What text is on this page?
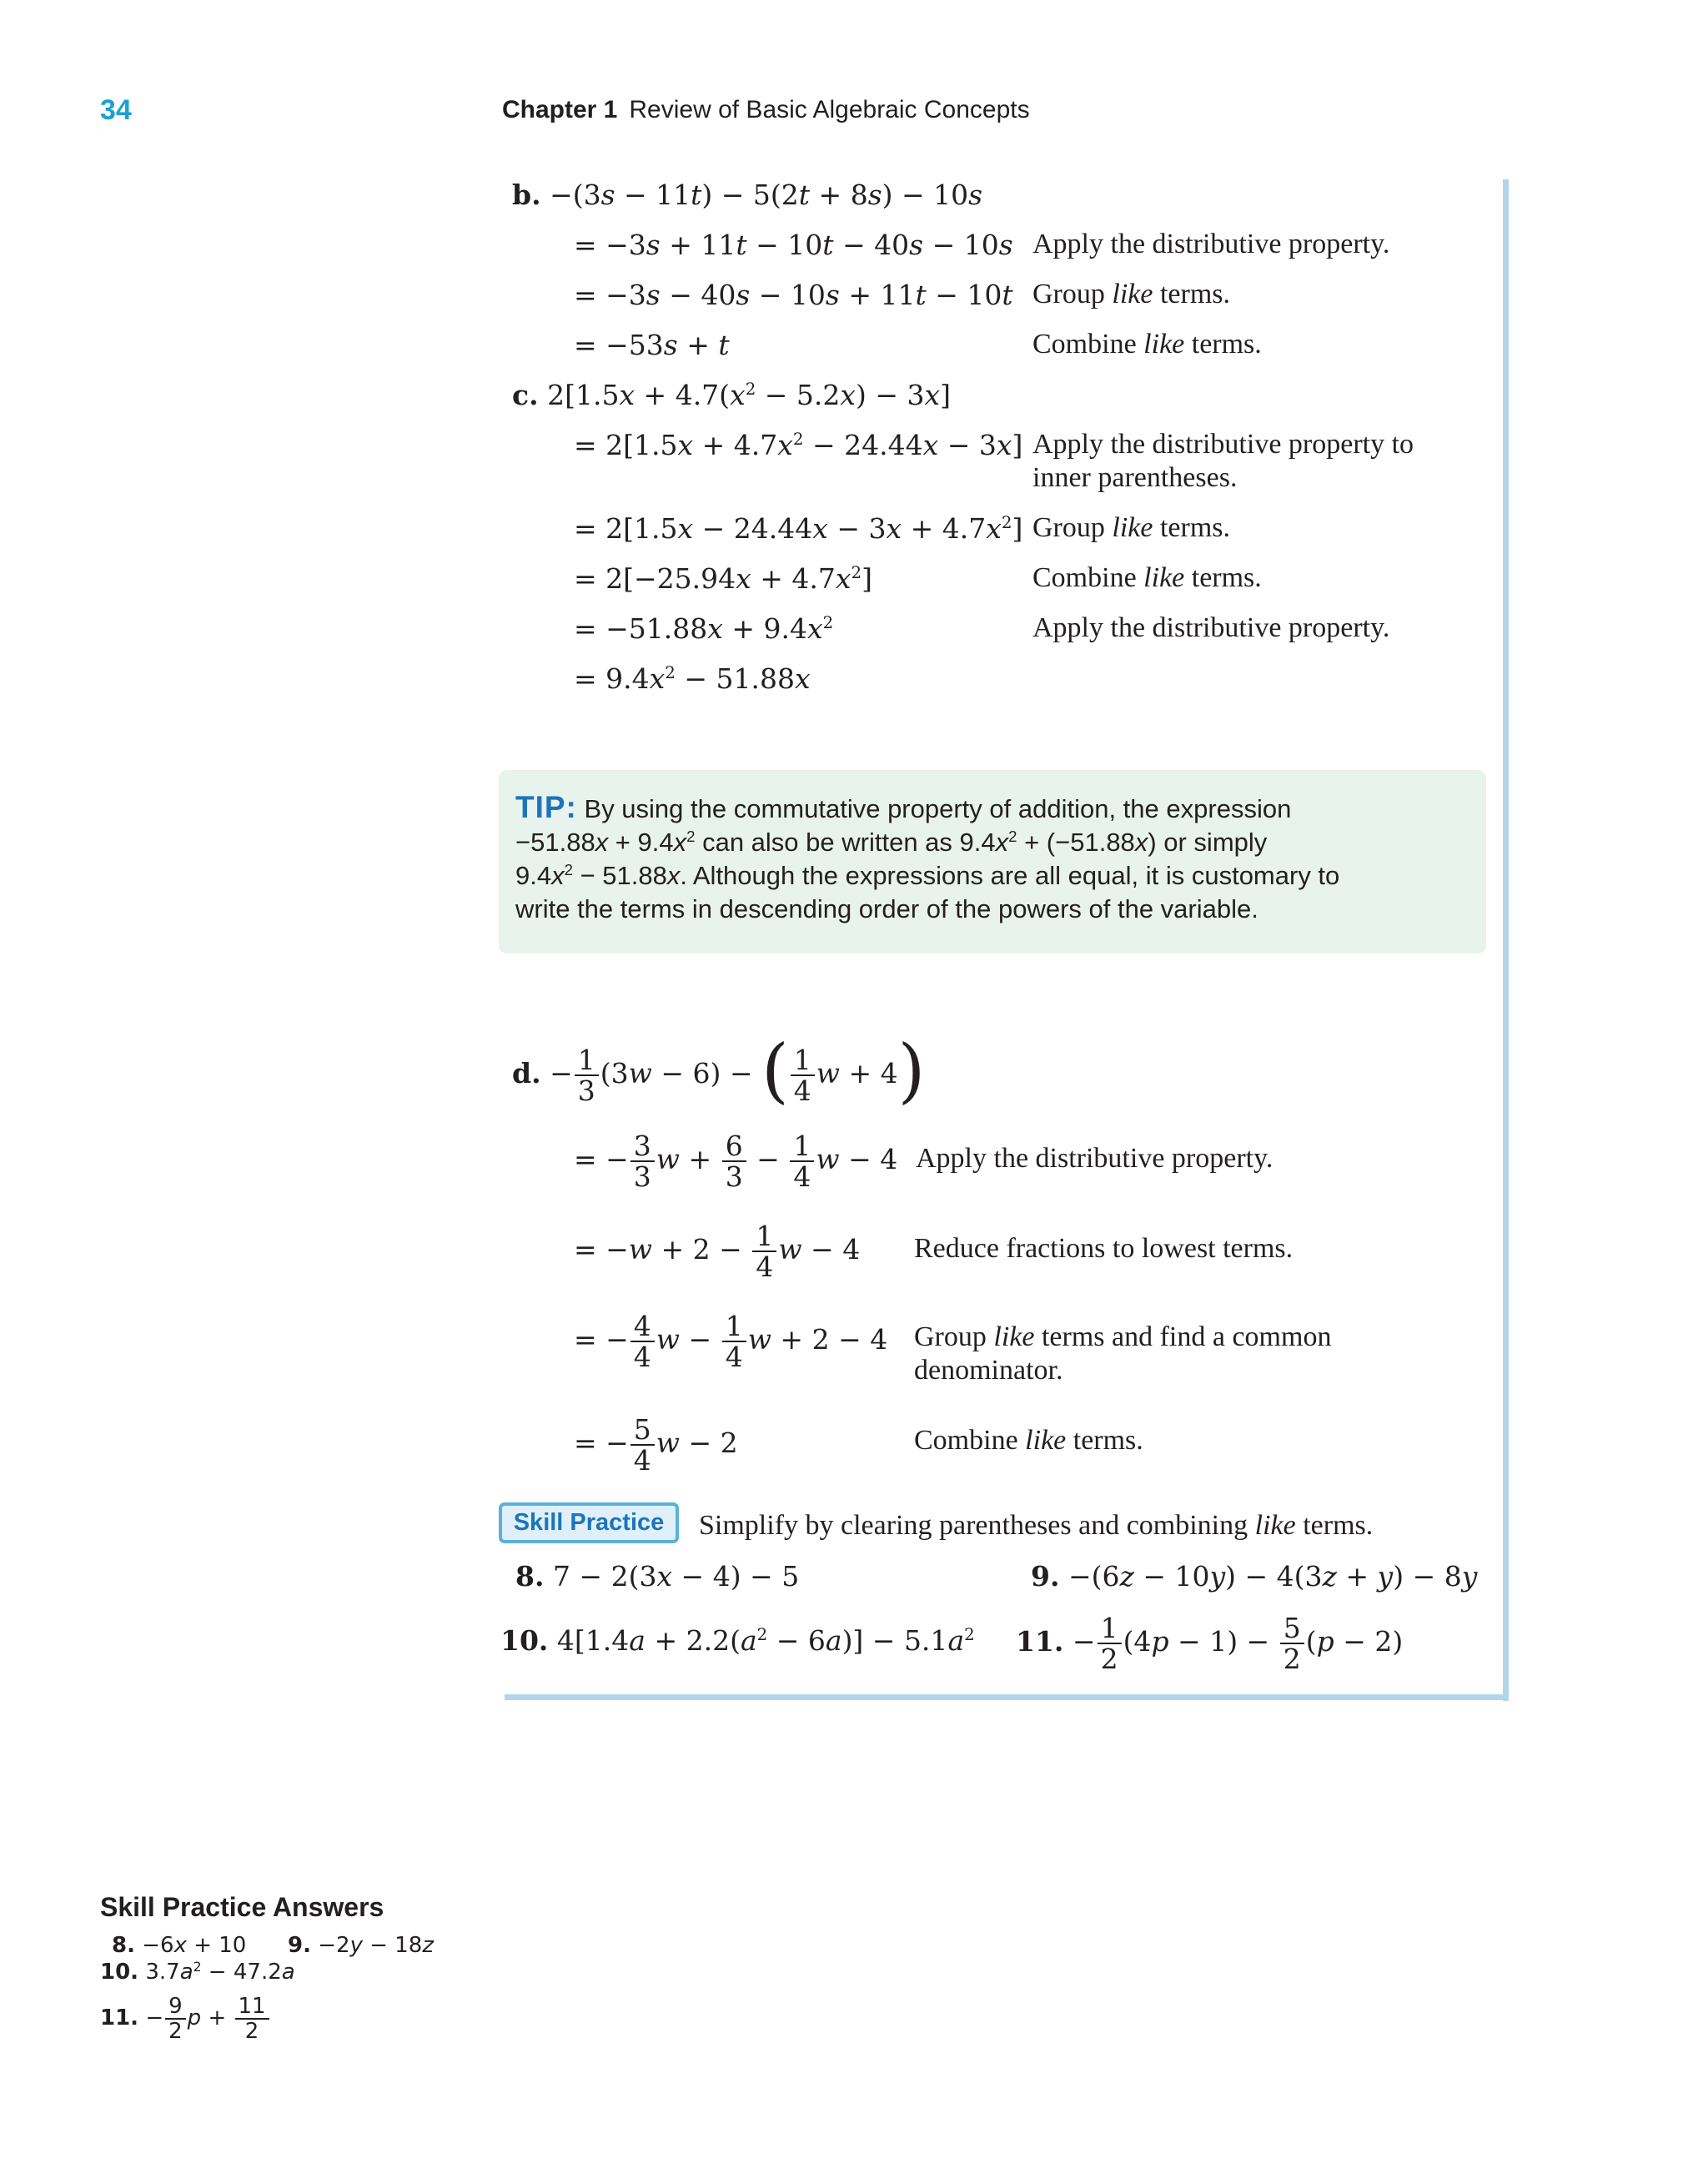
34	Chapter 1 Review of Basic Algebraic Concepts
b. −(3s − 11t) − 5(2t + 8s) − 10s
= −3s + 11t − 10t − 40s − 10s Apply the distributive property.
= −3s − 40s − 10s + 11t − 10t Group like terms.
= −53s + t	Combine like terms.
c. $2[1.5x + 4.7(x^2 - 5.2x) - 3x]$
= $2[1.5x + 4.7x^2 - 24.44x - 3x]$ Apply the distributive property to
inner parentheses.
= $2[1.5x - 24.44x - 3x + 4.7x^2]$ Group like terms.
= $2[-25.94x + 4.7x^2]$	Combine like terms.
= $-51.88x + 9.4x^2$	Apply the distributive property.
= $9.4x^2 - 51.88x$
TIP: By using the commutative property of addition, the expression
$-51.88x + 9.4x^2$ can also be written as $9.4x^2 + (-51.88x)$ or simply
$9.4x^2 - 51.88x$. Although the expressions are all equal, it is customary to
write the terms in descending order of the powers of the variable.
d. − $\frac{1}{3} (3w - 6)$ − ( $\frac{1}{4}$ w + 4)
= − $\frac{3}{3}$ $w + \frac{6}{3} - \frac{1}{4}$ w − 4 Apply the distributive property.
= $-w + 2 - \frac{1}{4}$ w − 4 Reduce fractions to lowest terms.
= − $\frac{4}{4}$ $w - \frac{1}{4}$ w + 2 − 4 Group like terms and find a common
denominator.
= − $\frac{5}{4}$ w − 2	Combine like terms.
Skill Practice	Simplify by clearing parentheses and combining like terms.
8. 7 − 2(3x − 4) − 5	9. −(6z − 10y) − 4(3z + y) − 8y
10. $4[1.4a + 2.2(a^2 - 6a)] - 5.1a^2$ 11. − $\frac{1}{2} (4p - 1) - \frac{5}{2} (p - 2)$
Skill Practice Answers
8. −6x + 10 9. −2y − 18z
10. $3.7a^2 - 47.2a$
11. − $\frac{9}{2}$ $p + \frac{11}{2}$
